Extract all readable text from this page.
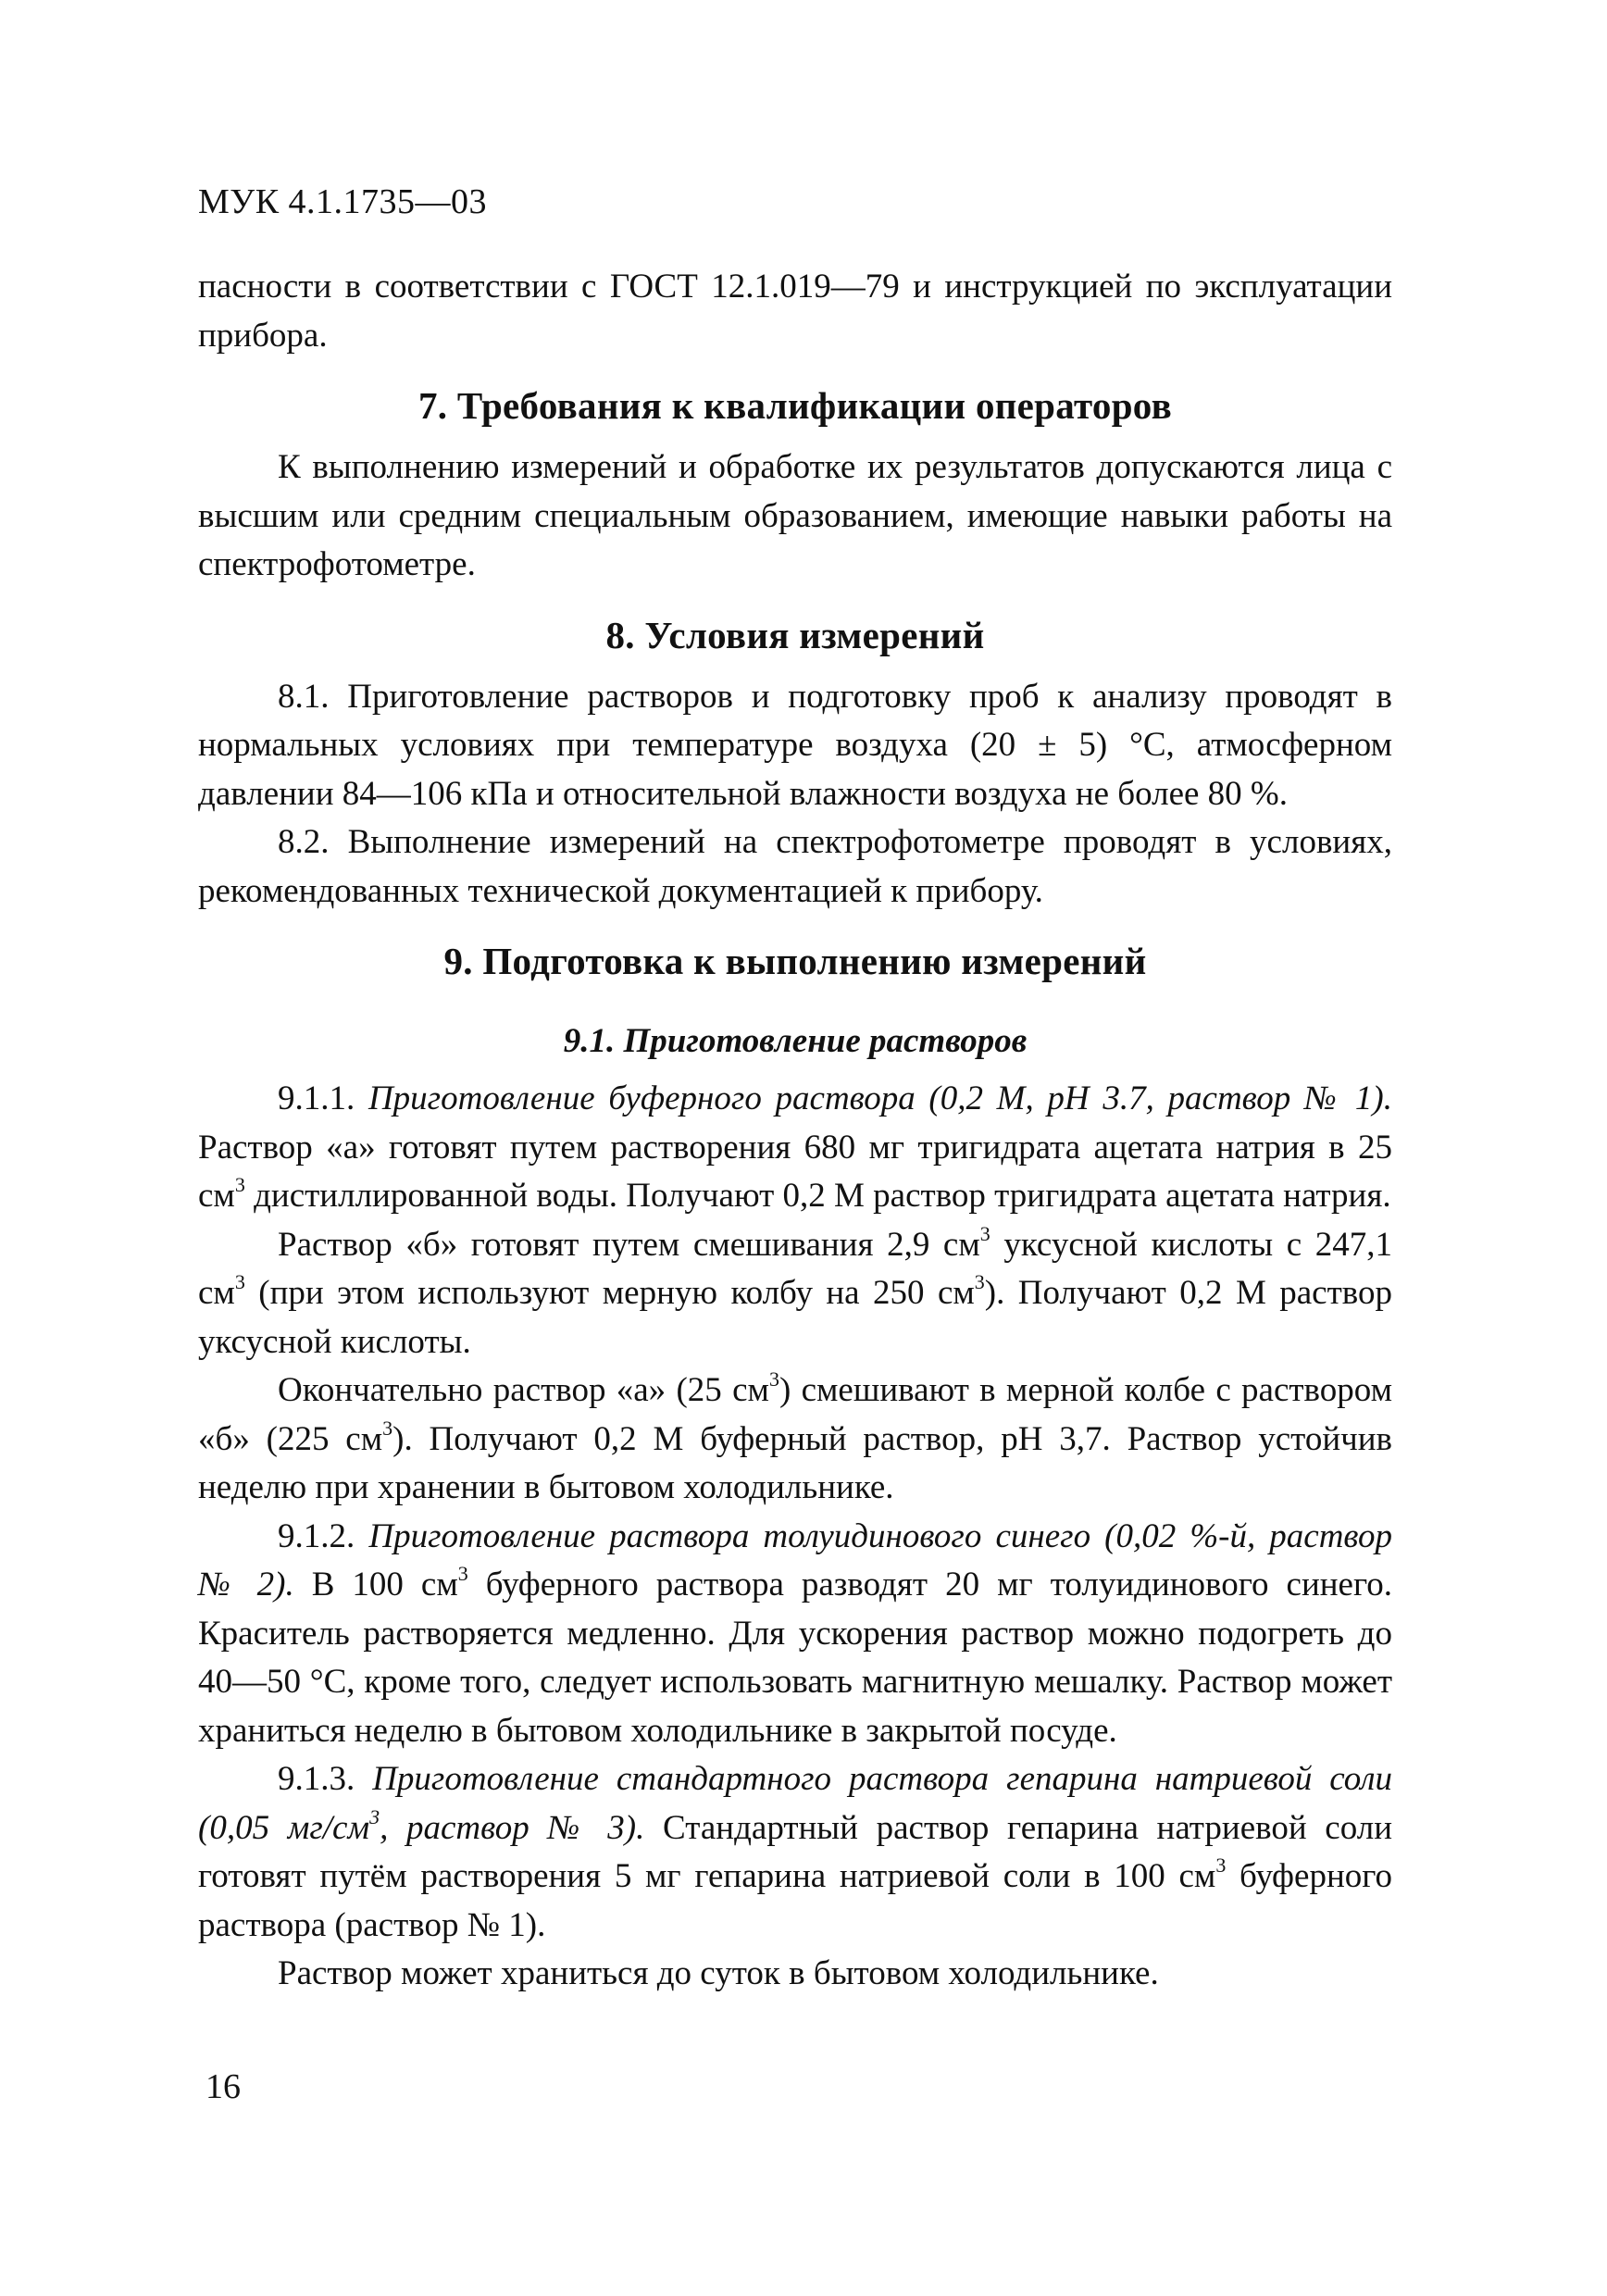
МУК 4.1.1735—03

пасности в соответствии с ГОСТ 12.1.019—79 и инструкцией по эксплуатации прибора.

7. Требования к квалификации операторов

К выполнению измерений и обработке их результатов допускаются лица с высшим или средним специальным образованием, имеющие навыки работы на спектрофотометре.

8. Условия измерений

8.1. Приготовление растворов и подготовку проб к анализу проводят в нормальных условиях при температуре воздуха (20 ± 5) °С, атмосферном давлении 84—106 кПа и относительной влажности воздуха не более 80 %.

8.2. Выполнение измерений на спектрофотометре проводят в условиях, рекомендованных технической документацией к прибору.

9. Подготовка к выполнению измерений
9.1. Приготовление растворов

9.1.1. Приготовление буферного раствора (0,2 М, рН 3.7, раствор № 1). Раствор «а» готовят путем растворения 680 мг тригидрата ацетата натрия в 25 $см^3$ дистиллированной воды. Получают 0,2 М раствор тригидрата ацетата натрия.

Раствор «б» готовят путем смешивания 2,9 $см^3$ уксусной кислоты с 247,1 $см^3$ (при этом используют мерную колбу на 250 $см^3$). Получают 0,2 М раствор уксусной кислоты.

Окончательно раствор «а» (25 $см^3$) смешивают в мерной колбе с раствором «б» (225 $см^3$). Получают 0,2 М буферный раствор, рН 3,7. Раствор устойчив неделю при хранении в бытовом холодильнике.

9.1.2. Приготовление раствора толуидинового синего (0,02 %-й, раствор № 2). В 100 $см^3$ буферного раствора разводят 20 мг толуидинового синего. Краситель растворяется медленно. Для ускорения раствор можно подогреть до 40—50 °С, кроме того, следует использовать магнитную мешалку. Раствор может храниться неделю в бытовом холодильнике в закрытой посуде.

9.1.3. Приготовление стандартного раствора гепарина натриевой соли (0,05 $мг/см^3$, раствор № 3). Стандартный раствор гепарина натриевой соли готовят путём растворения 5 мг гепарина натриевой соли в 100 $см^3$ буферного раствора (раствор № 1).

Раствор может храниться до суток в бытовом холодильнике.

16
